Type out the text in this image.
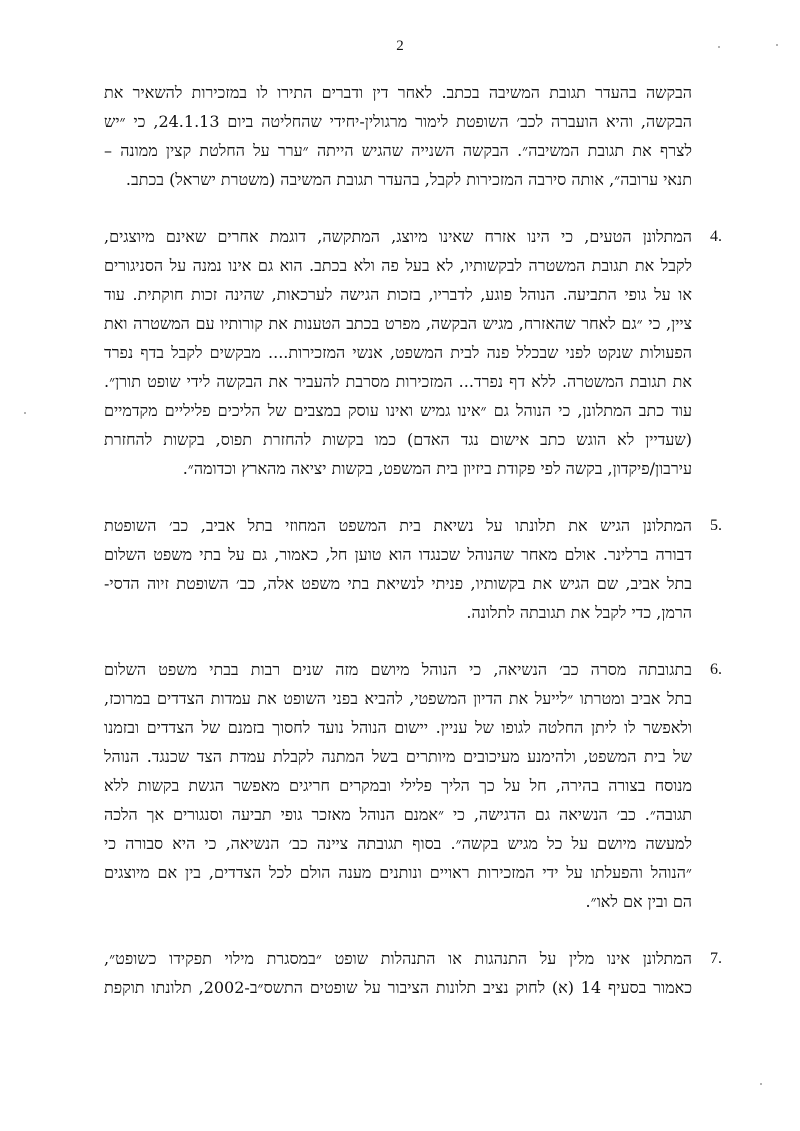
2
הבקשה בהעדר תגובת המשיבה בכתב. לאחר דין ודברים התירו לו במזכירות להשאיר את
הבקשה, והיא הועברה לכב׳ השופטת לימור מרגולין-יחידי שהחליטה ביום 24.1.13, כי ״יש
לצרף את תגובת המשיבה״. הבקשה השנייה שהגיש הייתה ״ערר על החלטת קצין ממונה –
תנאי ערובה״, אותה סירבה המזכירות לקבל, בהעדר תגובת המשיבה (משטרת ישראל) בכתב.
4.
המתלונן הטעים, כי הינו אזרח שאינו מיוצג, המתקשה, דוגמת אחרים שאינם מיוצגים,
לקבל את תגובת המשטרה לבקשותיו, לא בעל פה ולא בכתב. הוא גם אינו נמנה על הסניגורים
או על גופי התביעה. הנוהל פוגע, לדבריו, בזכות הגישה לערכאות, שהינה זכות חוקתית. עוד
ציין, כי ״גם לאחר שהאזרח, מגיש הבקשה, מפרט בכתב הטענות את קורותיו עם המשטרה ואת
הפעולות שנקט לפני שבכלל פנה לבית המשפט, אנשי המזכירות.... מבקשים לקבל בדף נפרד
את תגובת המשטרה. ללא דף נפרד... המזכירות מסרבת להעביר את הבקשה לידי שופט תורן״.
עוד כתב המתלונן, כי הנוהל גם ״אינו גמיש ואינו עוסק במצבים של הליכים פליליים מקדמיים
(שעדיין לא הוגש כתב אישום נגד האדם) כמו בקשות להחזרת תפוס, בקשות להחזרת
עירבון/פיקדון, בקשה לפי פקודת ביזיון בית המשפט, בקשות יציאה מהארץ וכדומה״.
5.
המתלונן הגיש את תלונתו על נשיאת בית המשפט המחוזי בתל אביב, כב׳ השופטת
דבורה ברלינר. אולם מאחר שהנוהל שכנגדו הוא טוען חל, כאמור, גם על בתי משפט השלום
בתל אביב, שם הגיש את בקשותיו, פניתי לנשיאת בתי משפט אלה, כב׳ השופטת זיוה הדסי-
הרמן, כדי לקבל את תגובתה לתלונה.
6.
בתגובתה מסרה כב׳ הנשיאה, כי הנוהל מיושם מזה שנים רבות בבתי משפט השלום
בתל אביב ומטרתו ״לייעל את הדיון המשפטי, להביא בפני השופט את עמדות הצדדים במרוכז,
ולאפשר לו ליתן החלטה לגופו של עניין. יישום הנוהל נועד לחסוך בזמנם של הצדדים ובזמנו
של בית המשפט, ולהימנע מעיכובים מיותרים בשל המתנה לקבלת עמדת הצד שכנגד. הנוהל
מנוסח בצורה בהירה, חל על כך הליך פלילי ובמקרים חריגים מאפשר הגשת בקשות ללא
תגובה״. כב׳ הנשיאה גם הדגישה, כי ״אמנם הנוהל מאזכר גופי תביעה וסנגורים אך הלכה
למעשה מיושם על כל מגיש בקשה״. בסוף תגובתה ציינה כב׳ הנשיאה, כי היא סבורה כי
״הנוהל והפעלתו על ידי המזכירות ראויים ונותנים מענה הולם לכל הצדדים, בין אם מיוצגים
הם ובין אם לאו״.
7.
המתלונן אינו מלין על התנהגות או התנהלות שופט ״במסגרת מילוי תפקידו כשופט״,
כאמור בסעיף 14 (א) לחוק נציב תלונות הציבור על שופטים התשס״ב-2002, תלונתו תוקפת
